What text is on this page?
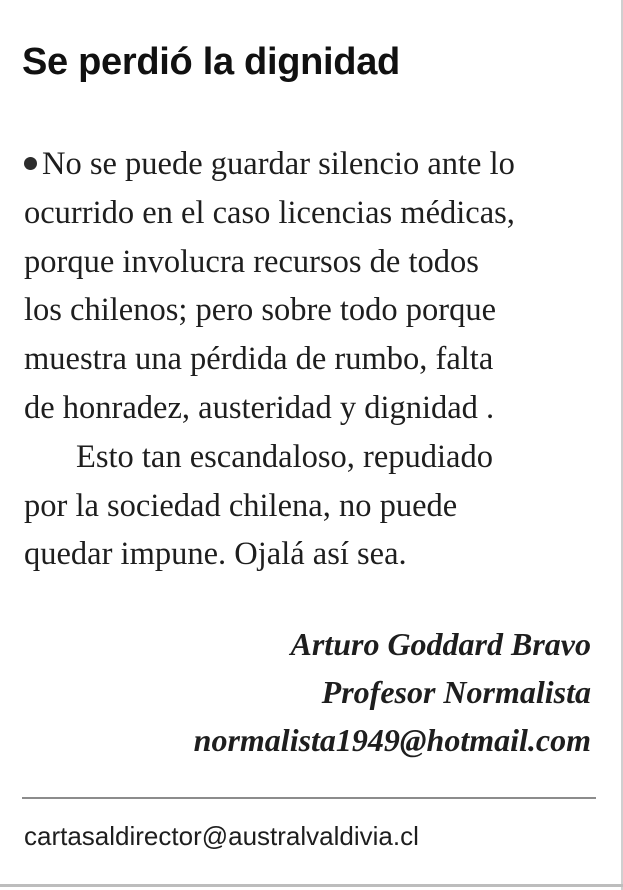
Se perdió la dignidad
No se puede guardar silencio ante lo
ocurrido en el caso licencias médicas,
porque involucra recursos de todos
los chilenos; pero sobre todo porque
muestra una pérdida de rumbo, falta
de honradez, austeridad y dignidad .
Esto tan escandaloso, repudiado
por la sociedad chilena, no puede
quedar impune. Ojalá así sea.
Arturo Goddard Bravo
Profesor Normalista
normalista1949@hotmail.com
cartasaldirector@australvaldivia.cl
